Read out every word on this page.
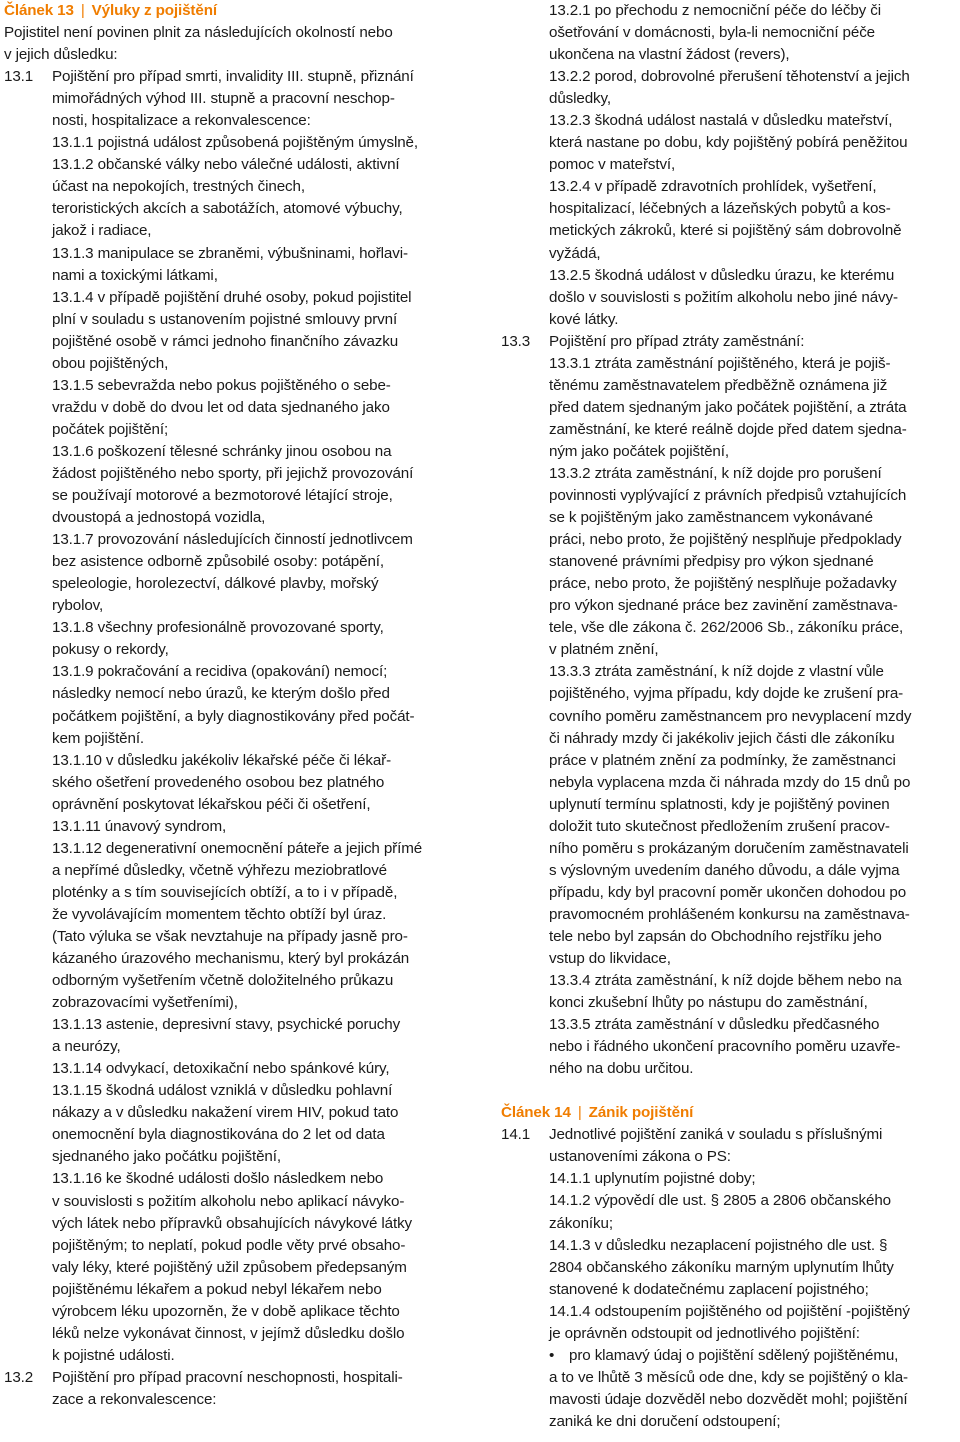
Článek 13 | Výluky z pojištění
Pojistitel není povinen plnit za následujících okolností nebo
v jejich důsledku:
13.1 Pojištění pro případ smrti, invalidity III. stupně, přiznání
mimořádných výhod III. stupně a pracovní neschop-
nosti, hospitalizace a rekonvalescence:
13.1.1 pojistná událost způsobená pojištěným úmyslně,
13.1.2 občanské války nebo válečné události, aktivní
účast na nepokojích, trestných činech,
teroristických akcích a sabotážích, atomové výbuchy,
jakož i radiace,
13.1.3 manipulace se zbraněmi, výbušninami, hořlavi-
nami a toxickými látkami,
13.1.4 v případě pojištění druhé osoby, pokud pojistitel
plní v souladu s ustanovením pojistné smlouvy první
pojištěné osobě v rámci jednoho finančního závazku
obou pojištěných,
13.1.5 sebevražda nebo pokus pojištěného o sebe-
vraždu v době do dvou let od data sjednaného jako
počátek pojištění;
13.1.6 poškození tělesné schránky jinou osobou na
žádost pojištěného nebo sporty, při jejichž provozování
se používají motorové a bezmotorové létající stroje,
dvoustopá a jednostopá vozidla,
13.1.7 provozování následujících činností jednotlivcem
bez asistence odborně způsobilé osoby: potápění,
speleologie, horolezectví, dálkové plavby, mořský
rybolov,
13.1.8 všechny profesionálně provozované sporty,
pokusy o rekordy,
13.1.9 pokračování a recidiva (opakování) nemocí;
následky nemocí nebo úrazů, ke kterým došlo před
počátkem pojištění, a byly diagnostikovány před počát-
kem pojištění.
13.1.10 v důsledku jakékoliv lékařské péče či lékař-
ského ošetření provedeného osobou bez platného
oprávnění poskytovat lékařskou péči či ošetření,
13.1.11 únavový syndrom,
13.1.12 degenerativní onemocnění páteře a jejich přímé
a nepřímé důsledky, včetně výhřezu meziobratlové
ploténky a s tím souvisejících obtíží, a to i v případě,
že vyvolávajícím momentem těchto obtíží byl úraz.
(Tato výluka se však nevztahuje na případy jasně pro-
kázaného úrazového mechanismu, který byl prokázán
odborným vyšetřením včetně doložitelného průkazu
zobrazovacími vyšetřeními),
13.1.13 astenie, depresivní stavy, psychické poruchy
a neurózy,
13.1.14 odvykací, detoxikační nebo spánkové kúry,
13.1.15 škodná událost vzniklá v důsledku pohlavní
nákazy a v důsledku nakažení virem HIV, pokud tato
onemocnění byla diagnostikována do 2 let od data
sjednaného jako počátku pojištění,
13.1.16 ke škodné události došlo následkem nebo
v souvislosti s požitím alkoholu nebo aplikací návyko-
vých látek nebo přípravků obsahujících návykové látky
pojištěným; to neplatí, pokud podle věty prvé obsaho-
valy léky, které pojištěný užil způsobem předepsaným
pojištěnému lékařem a pokud nebyl lékařem nebo
výrobcem léku upozorněn, že v době aplikace těchto
léků nelze vykonávat činnost, v jejímž důsledku došlo
k pojistné události.
13.2 Pojištění pro případ pracovní neschopnosti, hospitali-
zace a rekonvalescence:
13.2.1 po přechodu z nemocniční péče do léčby či
ošetřování v domácnosti, byla-li nemocniční péče
ukončena na vlastní žádost (revers),
13.2.2 porod, dobrovolné přerušení těhotenství a jejich
důsledky,
13.2.3 škodná událost nastalá v důsledku mateřství,
která nastane po dobu, kdy pojištěný pobírá peněžitou
pomoc v mateřství,
13.2.4 v případě zdravotních prohlídek, vyšetření,
hospitalizací, léčebných a lázeňských pobytů a kos-
metických zákroků, které si pojištěný sám dobrovolně
vyžádá,
13.2.5 škodná událost v důsledku úrazu, ke kterému
došlo v souvislosti s požitím alkoholu nebo jiné návy-
kové látky.
13.3 Pojištění pro případ ztráty zaměstnání:
13.3.1 ztráta zaměstnání pojištěného, která je pojiš-
těnému zaměstnavatelem předběžně oznámena již
před datem sjednaným jako počátek pojištění, a ztráta
zaměstnání, ke které reálně dojde před datem sjedna-
ným jako počátek pojištění,
13.3.2 ztráta zaměstnání, k níž dojde pro porušení
povinnosti vyplývající z právních předpisů vztahujících
se k pojištěným jako zaměstnancem vykonávané
práci, nebo proto, že pojištěný nesplňuje předpoklady
stanovené právními předpisy pro výkon sjednané
práce, nebo proto, že pojištěný nesplňuje požadavky
pro výkon sjednané práce bez zavinění zaměstnava-
tele, vše dle zákona č. 262/2006 Sb., zákoníku práce,
v platném znění,
13.3.3 ztráta zaměstnání, k níž dojde z vlastní vůle
pojištěného, vyjma případu, kdy dojde ke zrušení pra-
covního poměru zaměstnancem pro nevyplacení mzdy
či náhrady mzdy či jakékoliv jejich části dle zákoníku
práce v platném znění za podmínky, že zaměstnanci
nebyla vyplacena mzda či náhrada mzdy do 15 dnů po
uplynutí termínu splatnosti, kdy je pojištěný povinen
doložit tuto skutečnost předložením zrušení pracov-
ního poměru s prokázaným doručením zaměstnavateli
s výslovným uvedením daného důvodu, a dále vyjma
případu, kdy byl pracovní poměr ukončen dohodou po
pravomocném prohlášeném konkursu na zaměstnava-
tele nebo byl zapsán do Obchodního rejstříku jeho
vstup do likvidace,
13.3.4 ztráta zaměstnání, k níž dojde během nebo na
konci zkušební lhůty po nástupu do zaměstnání,
13.3.5 ztráta zaměstnání v důsledku předčasného
nebo i řádného ukončení pracovního poměru uzavře-
ného na dobu určitou.
Článek 14 | Zánik pojištění
14.1 Jednotlivé pojištění zaniká v souladu s příslušnými
ustanoveními zákona o PS:
14.1.1 uplynutím pojistné doby;
14.1.2 výpovědí dle ust. § 2805 a 2806 občanského
zákoníku;
14.1.3 v důsledku nezaplacení pojistného dle ust. §
2804 občanského zákoníku marným uplynutím lhůty
stanovené k dodatečnému zaplacení pojistného;
14.1.4 odstoupením pojištěného od pojištění -pojištěný
je oprávněn odstoupit od jednotlivého pojištění:
• pro klamavý údaj o pojištění sdělený pojištěnému,
a to ve lhůtě 3 měsíců ode dne, kdy se pojištěný o kla-
mavosti údaje dozvěděl nebo dozvědět mohl; pojištění
zaniká ke dni doručení odstoupení;
